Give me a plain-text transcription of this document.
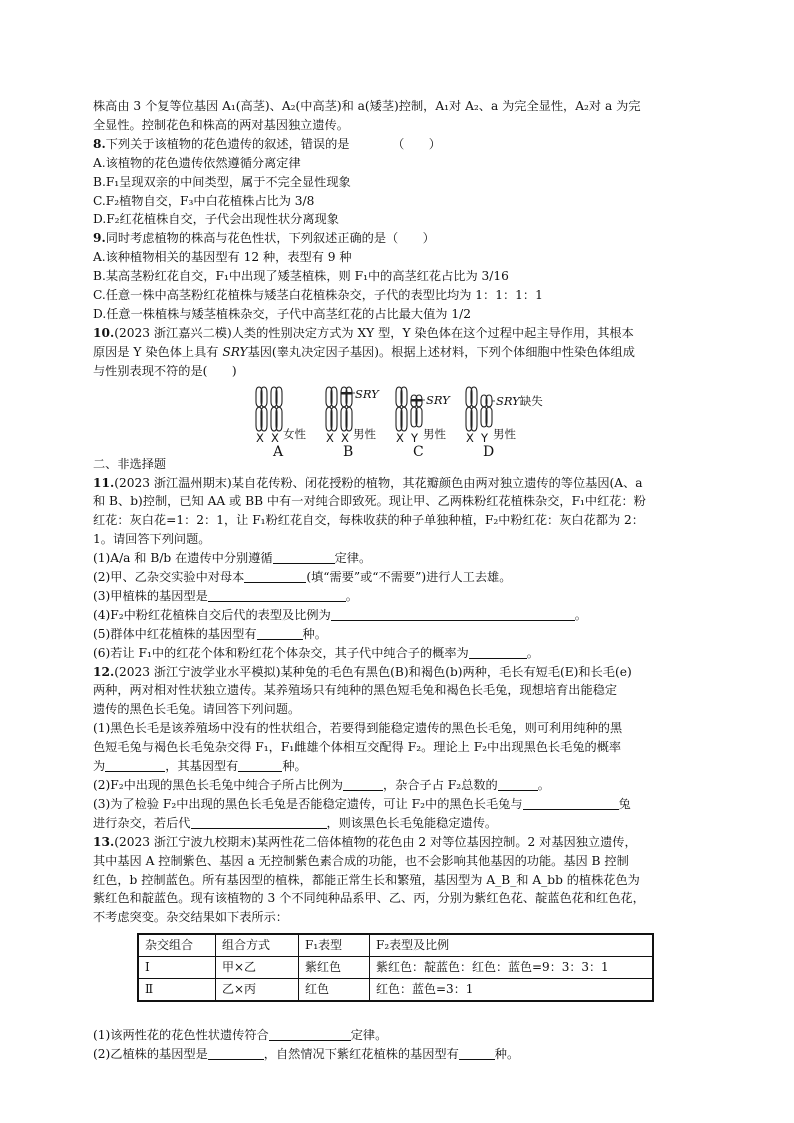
株高由 3 个复等位基因 A₁(高茎)、A₂(中高茎)和 a(矮茎)控制，A₁对 A₂、a 为完全显性，A₂对 a 为完

全显性。控制花色和株高的两对基因独立遗传。

8.下列关于该植物的花色遗传的叙述，错误的是　　　　（　　）

A.该植物的花色遗传依然遵循分离定律

B.F₁呈现双亲的中间类型，属于不完全显性现象

C.F₂植物自交，F₃中白花植株占比为 3/8

D.F₂红花植株自交，子代会出现性状分离现象

9.同时考虑植物的株高与花色性状，下列叙述正确的是（　　）

A.该种植物相关的基因型有 12 种，表型有 9 种

B.某高茎粉红花自交，F₁中出现了矮茎植株，则 F₁中的高茎红花占比为 3/16

C.任意一株中高茎粉红花植株与矮茎白花植株杂交，子代的表型比均为 1：1：1：1

D.任意一株植株与矮茎植株杂交，子代中高茎红花的占比最大值为 1/2

10.(2023 浙江嘉兴二模)人类的性别决定方式为 XY 型，Y 染色体在这个过程中起主导作用，其根本

原因是 Y 染色体上具有 SRY基因(睾丸决定因子基因)。根据上述材料，下列个体细胞中性染色体组成

与性别表现不符的是(　　)

X X 女性
A
SRY
X X 男性
B
SRY
X Y 男性
C
SRY缺失
X Y 男性
D

二、非选择题

11.(2023 浙江温州期末)某自花传粉、闭花授粉的植物，其花瓣颜色由两对独立遗传的等位基因(A、a

和 B、b)控制，已知 AA 或 BB 中有一对纯合即致死。现让甲、乙两株粉红花植株杂交，F₁中红花：粉

红花：灰白花=1：2：1，让 F₁粉红花自交，每株收获的种子单独种植，F₂中粉红花：灰白花都为 2：

1。请回答下列问题。

(1)A/a 和 B/b 在遗传中分别遵循	定律。

(2)甲、乙杂交实验中对母本	(填“需要”或“不需要”)进行人工去雄。

(3)甲植株的基因型是	。

(4)F₂中粉红花植株自交后代的表型及比例为	。

(5)群体中红花植株的基因型有	种。

(6)若让 F₁中的红花个体和粉红花个体杂交，其子代中纯合子的概率为	。

12.(2023 浙江宁波学业水平模拟)某种兔的毛色有黑色(B)和褐色(b)两种，毛长有短毛(E)和长毛(e)

两种，两对相对性状独立遗传。某养殖场只有纯种的黑色短毛兔和褐色长毛兔，现想培育出能稳定

遗传的黑色长毛兔。请回答下列问题。

(1)黑色长毛是该养殖场中没有的性状组合，若要得到能稳定遗传的黑色长毛兔，则可利用纯种的黑

色短毛兔与褐色长毛兔杂交得 F₁，F₁雌雄个体相互交配得 F₂。理论上 F₂中出现黑色长毛兔的概率

为	，其基因型有	种。

(2)F₂中出现的黑色长毛兔中纯合子所占比例为	，杂合子占 F₂总数的	。

(3)为了检验 F₂中出现的黑色长毛兔是否能稳定遗传，可让 F₂中的黑色长毛兔与	兔

进行杂交，若后代	，则该黑色长毛兔能稳定遗传。

13.(2023 浙江宁波九校期末)某两性花二倍体植物的花色由 2 对等位基因控制。2 对基因独立遗传，

其中基因 A 控制紫色、基因 a 无控制紫色素合成的功能，也不会影响其他基因的功能。基因 B 控制

红色，b 控制蓝色。所有基因型的植株，都能正常生长和繁殖，基因型为 A_B_和 A_bb 的植株花色为

紫红色和靛蓝色。现有该植物的 3 个不同纯种品系甲、乙、丙，分别为紫红色花、靛蓝色花和红色花，

不考虑突变。杂交结果如下表所示：

杂交组合	组合方式	F₁表型	F₂表型及比例
Ⅰ	甲×乙	紫红色	紫红色：靛蓝色：红色：蓝色=9：3：3：1
Ⅱ	乙×丙	红色	红色：蓝色=3：1

(1)该两性花的花色性状遗传符合	定律。

(2)乙植株的基因型是	，自然情况下紫红花植株的基因型有	种。
